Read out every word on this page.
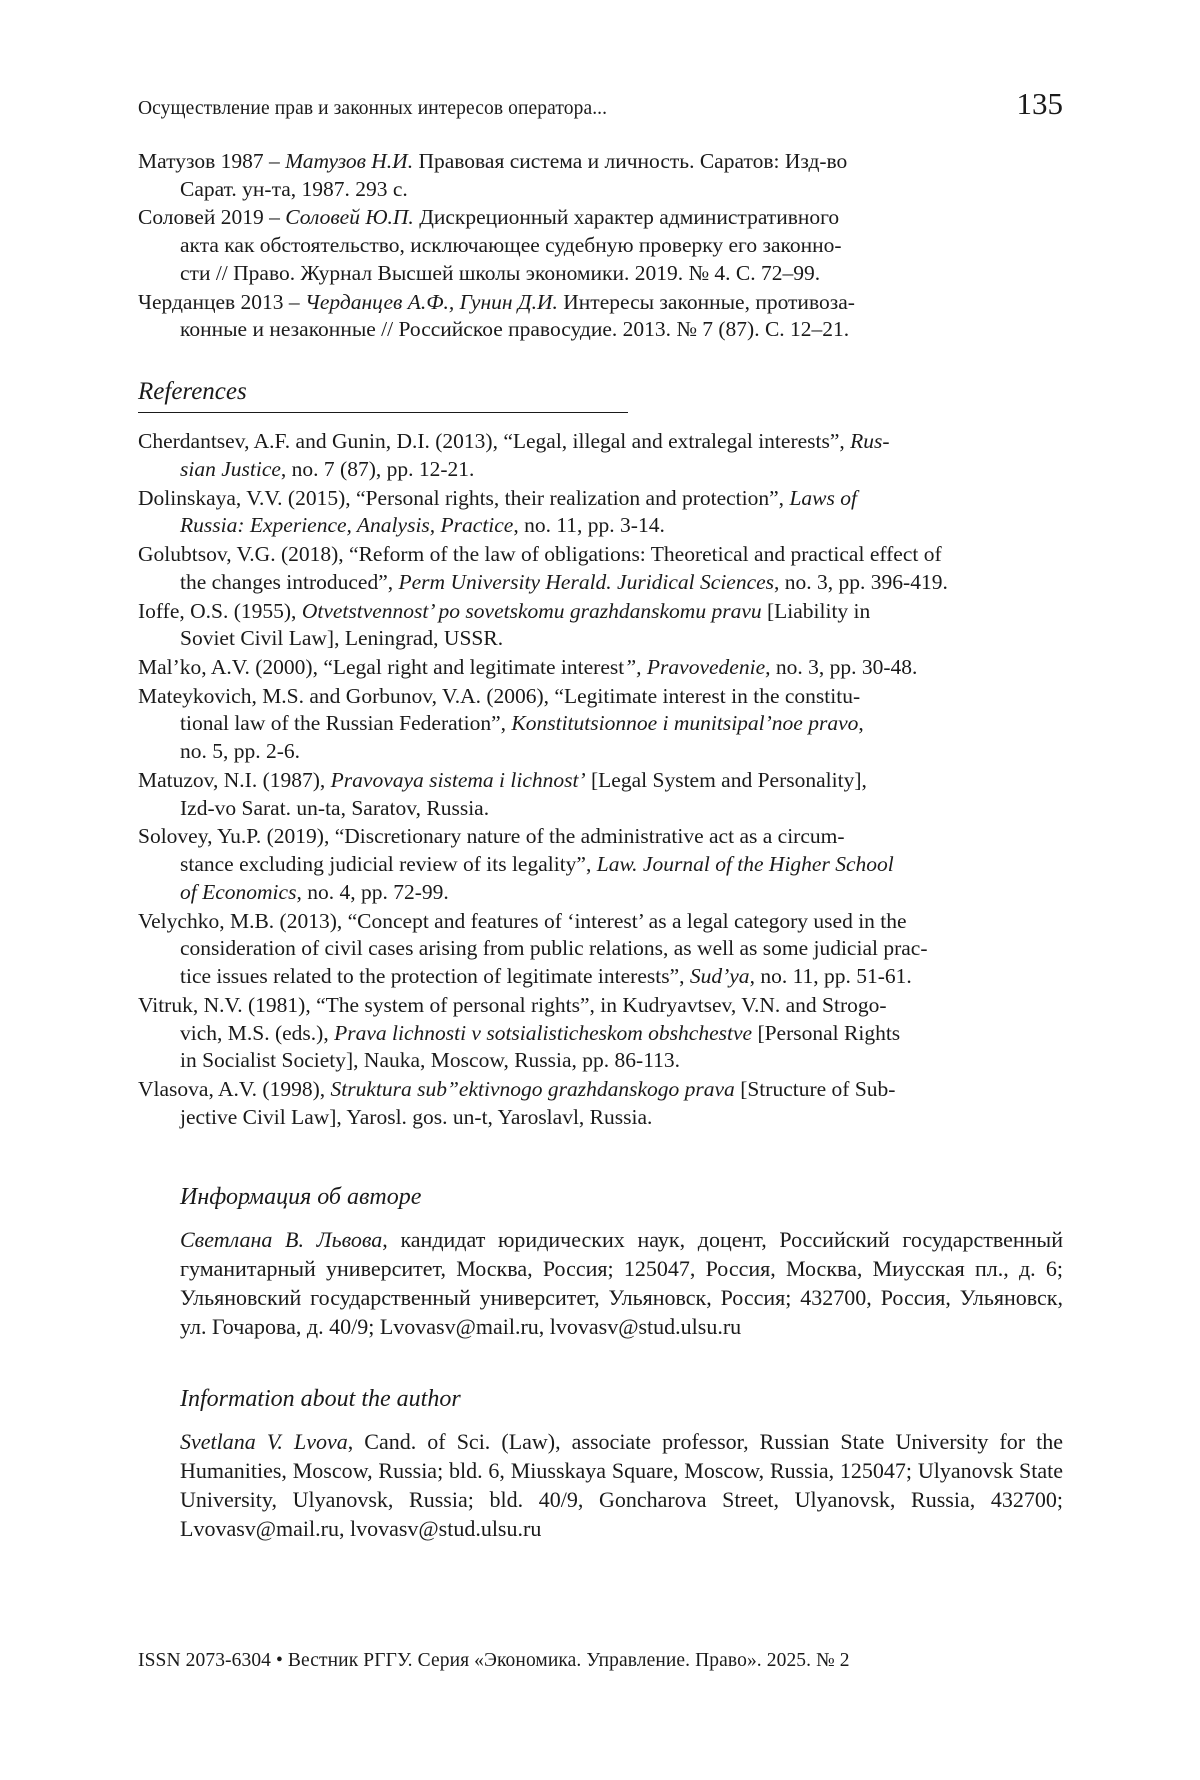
Осуществление прав и законных интересов оператора...	135
Матузов 1987 – Матузов Н.И. Правовая система и личность. Саратов: Изд-во
Сарат. ун-та, 1987. 293 с.
Соловей 2019 – Соловей Ю.П. Дискреционный характер административного
акта как обстоятельство, исключающее судебную проверку его законно-
сти // Право. Журнал Высшей школы экономики. 2019. № 4. С. 72–99.
Черданцев 2013 – Черданцев А.Ф., Гунин Д.И. Интересы законные, противоза-
конные и незаконные // Российское правосудие. 2013. № 7 (87). С. 12–21.
References
Cherdantsev, A.F. and Gunin, D.I. (2013), “Legal, illegal and extralegal interests”, Rus-
sian Justice, no. 7 (87), pp. 12-21.
Dolinskaya, V.V. (2015), “Personal rights, their realization and protection”, Laws of
Russia: Experience, Analysis, Practice, no. 11, pp. 3-14.
Golubtsov, V.G. (2018), “Reform of the law of obligations: Theoretical and practical effect of
the changes introduced”, Perm University Herald. Juridical Sciences, no. 3, pp. 396-419.
Ioffe, O.S. (1955), Otvetstvennost’ po sovetskomu grazhdanskomu pravu [Liability in
Soviet Civil Law], Leningrad, USSR.
Mal’ko, A.V. (2000), “Legal right and legitimate interest”, Pravovedenie, no. 3, pp. 30-48.
Mateykovich, M.S. and Gorbunov, V.A. (2006), “Legitimate interest in the constitu-
tional law of the Russian Federation”, Konstitutsionnoe i munitsipal’noe pravo,
no. 5, pp. 2-6.
Matuzov, N.I. (1987), Pravovaya sistema i lichnost’ [Legal System and Personality],
Izd-vo Sarat. un-ta, Saratov, Russia.
Solovey, Yu.P. (2019), “Discretionary nature of the administrative act as a circum-
stance excluding judicial review of its legality”, Law. Journal of the Higher School
of Economics, no. 4, pp. 72-99.
Velychko, M.B. (2013), “Concept and features of ‘interest’ as a legal category used in the
consideration of civil cases arising from public relations, as well as some judicial prac-
tice issues related to the protection of legitimate interests”, Sud’ya, no. 11, pp. 51-61.
Vitruk, N.V. (1981), “The system of personal rights”, in Kudryavtsev, V.N. and Strogo-
vich, M.S. (eds.), Prava lichnosti v sotsialisticheskom obshchestve [Personal Rights
in Socialist Society], Nauka, Moscow, Russia, pp. 86-113.
Vlasova, A.V. (1998), Struktura sub”ektivnogo grazhdanskogo prava [Structure of Sub-
jective Civil Law], Yarosl. gos. un-t, Yaroslavl, Russia.
Информация об авторе
Светлана В. Львова, кандидат юридических наук, доцент, Российский государственный гуманитарный университет, Москва, Россия; 125047, Россия, Москва, Миусская пл., д. 6; Ульяновский государственный университет, Ульяновск, Россия; 432700, Россия, Ульяновск, ул. Гочарова, д. 40/9; Lvovasv@mail.ru, lvovasv@stud.ulsu.ru
Information about the author
Svetlana V. Lvova, Cand. of Sci. (Law), associate professor, Russian State University for the Humanities, Moscow, Russia; bld. 6, Miusskaya Square, Moscow, Russia, 125047; Ulyanovsk State University, Ulyanovsk, Russia; bld. 40/9, Goncharova Street, Ulyanovsk, Russia, 432700; Lvovasv@mail.ru, lvovasv@stud.ulsu.ru
ISSN 2073-6304 • Вестник РГГУ. Серия «Экономика. Управление. Право». 2025. № 2
